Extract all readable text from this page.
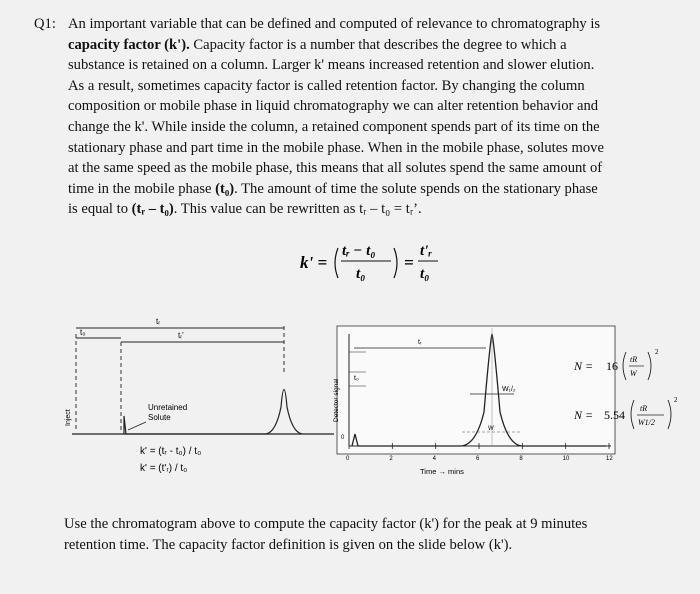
Q1: An important variable that can be defined and computed of relevance to chromatography is
capacity factor (k'). Capacity factor is a number that describes the degree to which a
substance is retained on a column. Larger k' means increased retention and slower elution.
As a result, sometimes capacity factor is called retention factor. By changing the column
composition or mobile phase in liquid chromatography we can alter retention behavior and
change the k'. While inside the column, a retained component spends part of its time on the
stationary phase and part time in the mobile phase. When in the mobile phase, solutes move
at the same speed as the mobile phase, this means that all solutes spend the same amount of
time in the mobile phase (t₀). The amount of time the solute spends on the stationary phase
is equal to (tᵣ – t₀). This value can be rewritten as tᵣ – t₀ = tᵣ’.
k' =
tᵣ − t₀
t₀
=
t'ᵣ
t₀
t₀
tᵣ
tᵣ'
Inject
Unretained
Solute
k' = (tᵣ - t₀) / t₀
k' = (t'ᵣ) / t₀
Detector signal
t₀
tᵣ
W₁/₂
W
0
0	2	4	6	8	10	12
Time → mins
N = 16 tR
W
2
N = 5.54 tR
W1/2
2
Use the chromatogram above to compute the capacity factor (k') for the peak at 9 minutes
retention time. The capacity factor definition is given on the slide below (k').
